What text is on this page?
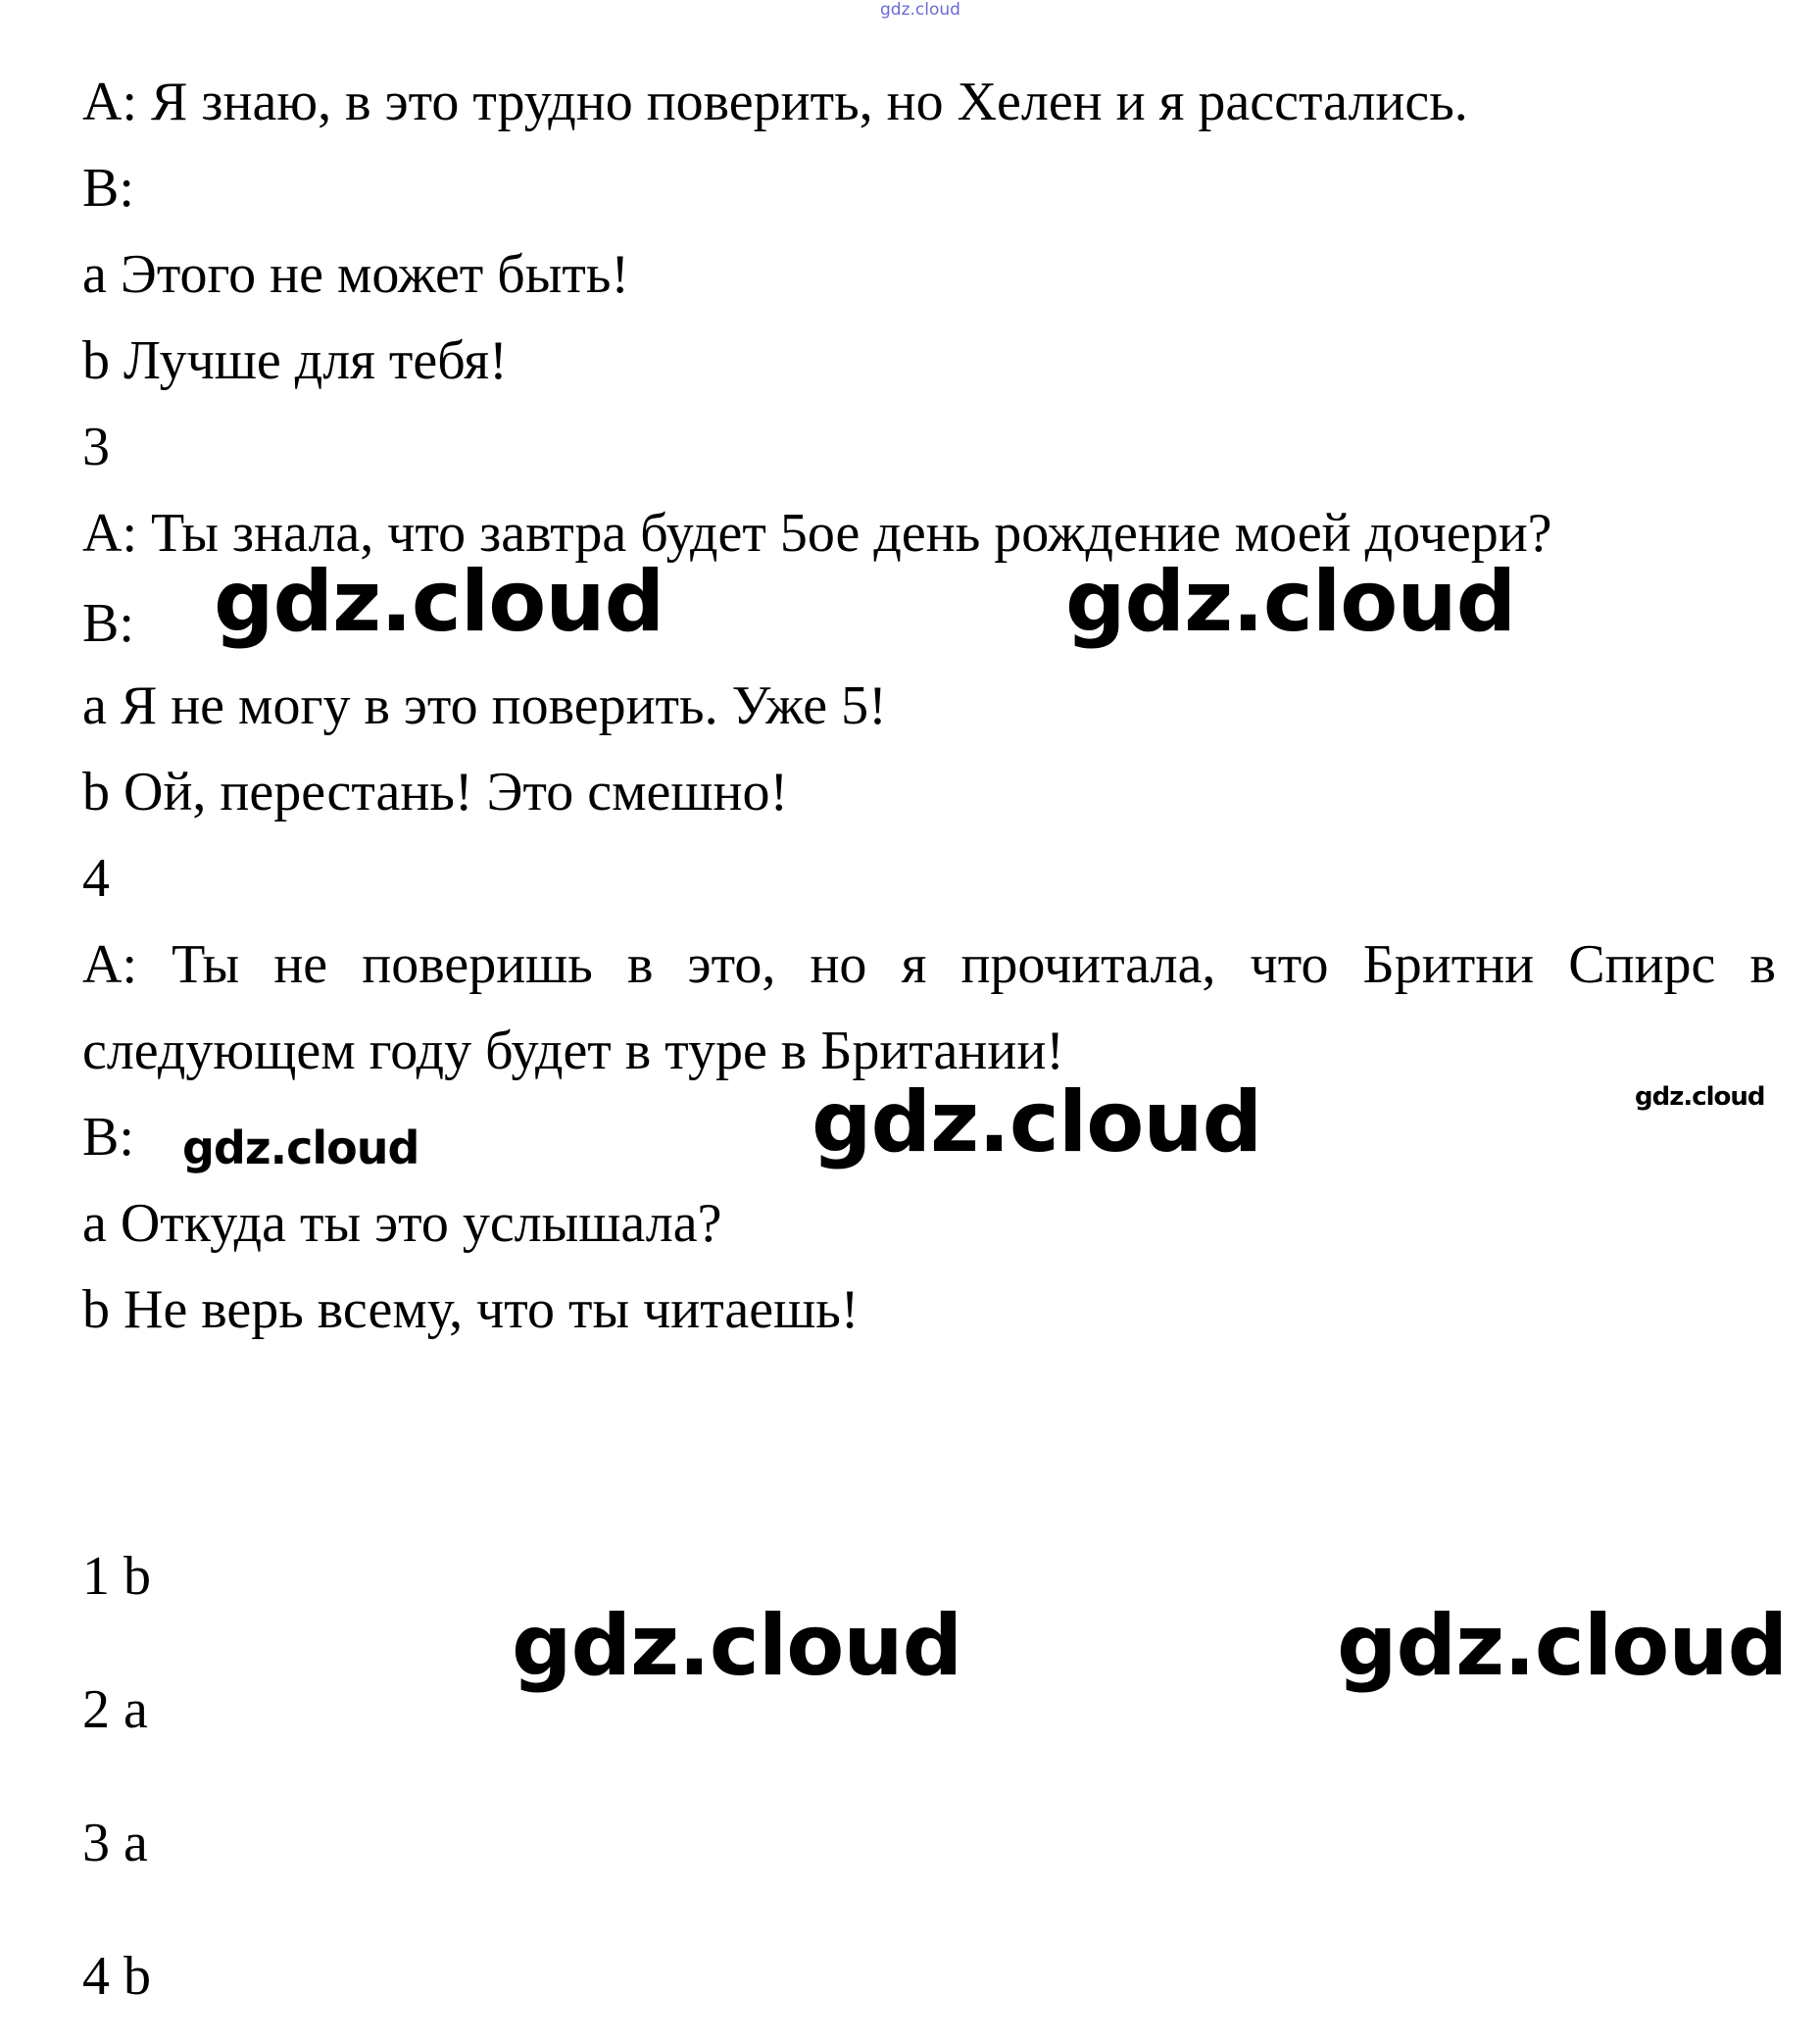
gdz.cloud
A: Я знаю, в это трудно поверить, но Хелен и я расстались.
B:
a Этого не может быть!
b Лучше для тебя!
3
A: Ты знала, что завтра будет 5ое день рождение моей дочери?
B:
a Я не могу в это поверить. Уже 5!
b Ой, перестань! Это смешно!
4
A: Ты не поверишь в это, но я прочитала, что Бритни Спирс в
следующем году будет в туре в Британии!
B:
a Откуда ты это услышала?
b Не верь всему, что ты читаешь!
1 b
2 a
3 a
4 b
gdz.cloud	gdz.cloud
gdz.cloud
gdz.cloud
gdz.cloud
gdz.cloud	gdz.cloud
